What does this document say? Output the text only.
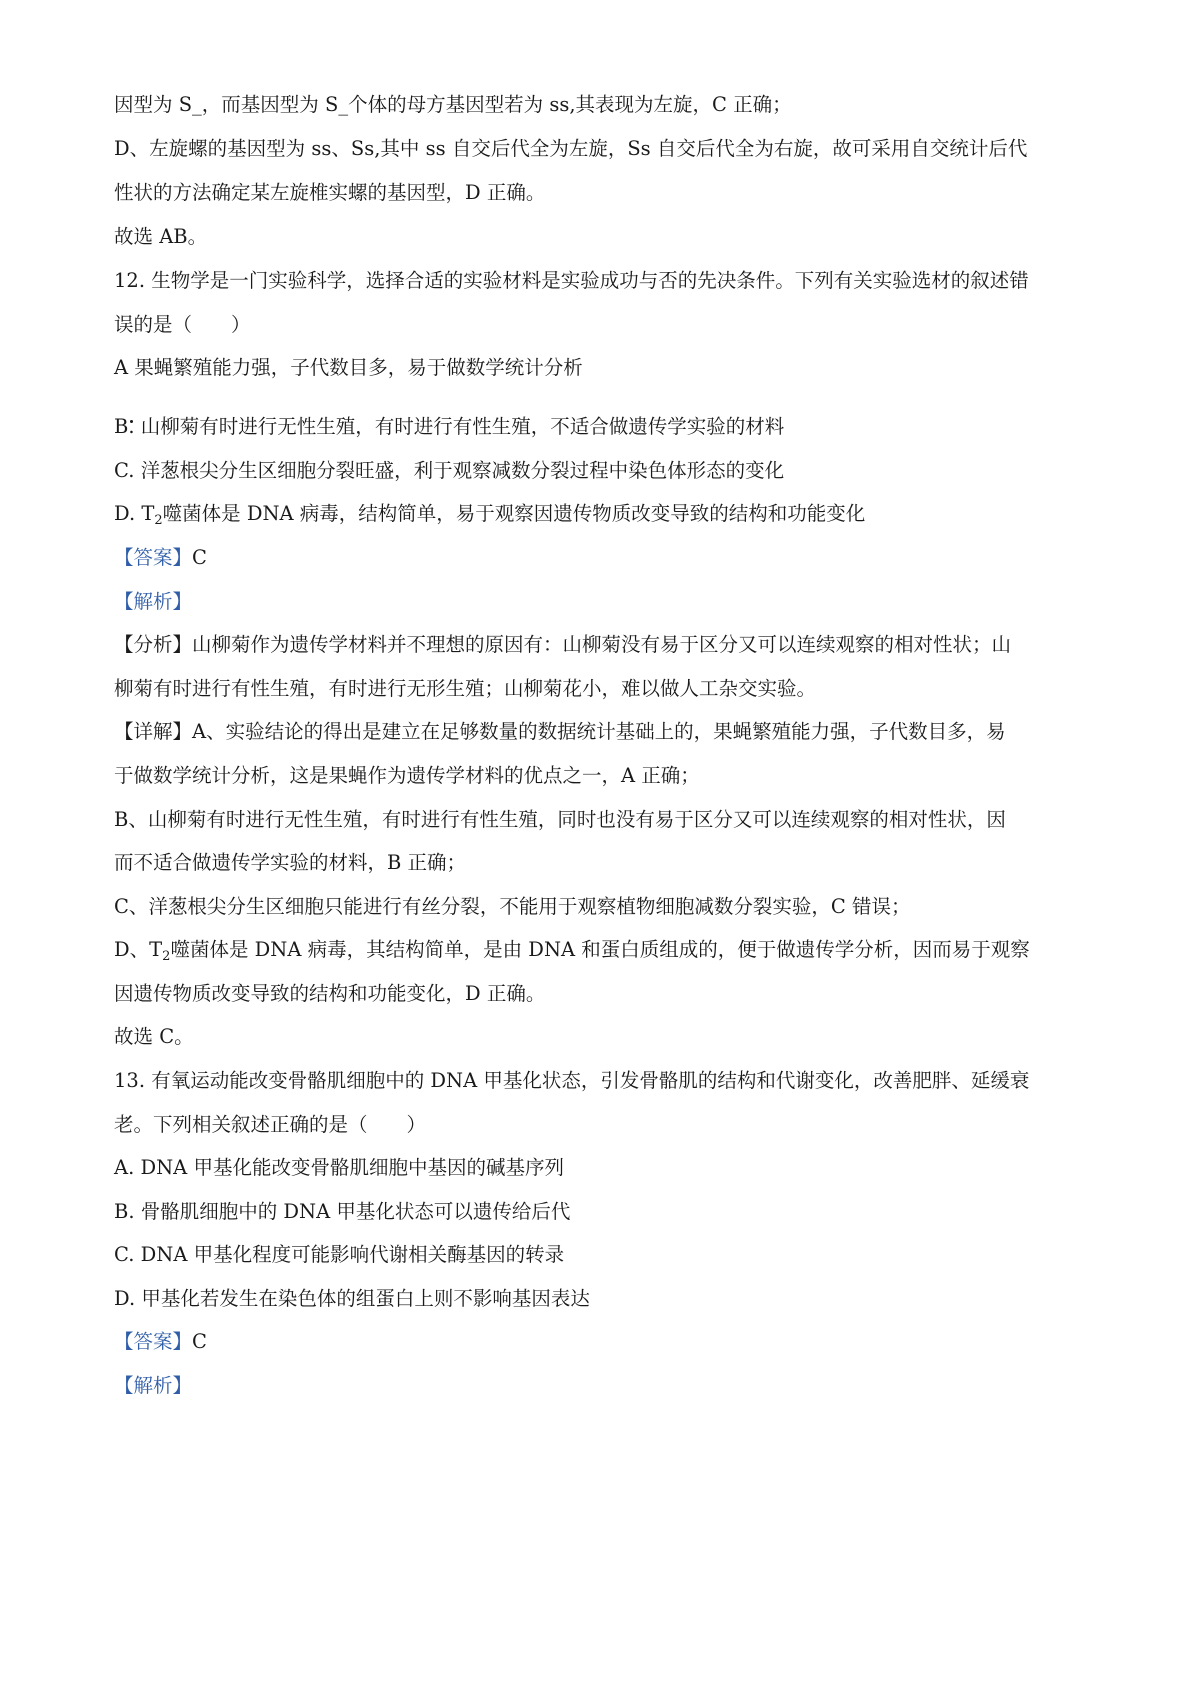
因型为 S_，而基因型为 S_个体的母方基因型若为 ss,其表现为左旋，C 正确；
D、左旋螺的基因型为 ss、Ss,其中 ss 自交后代全为左旋，Ss 自交后代全为右旋，故可采用自交统计后代
性状的方法确定某左旋椎实螺的基因型，D 正确。
故选 AB。
12. 生物学是一门实验科学，选择合适的实验材料是实验成功与否的先决条件。下列有关实验选材的叙述错
误的是（　　）
A 果蝇繁殖能力强，子代数目多，易于做数学统计分析
B. 山柳菊有时进行无性生殖，有时进行有性生殖，不适合做遗传学实验的材料
C. 洋葱根尖分生区细胞分裂旺盛，利于观察减数分裂过程中染色体形态的变化
D. $T_2$噬菌体是 DNA 病毒，结构简单，易于观察因遗传物质改变导致的结构和功能变化
【答案】C
【解析】
【分析】山柳菊作为遗传学材料并不理想的原因有：山柳菊没有易于区分又可以连续观察的相对性状；山
柳菊有时进行有性生殖，有时进行无形生殖；山柳菊花小，难以做人工杂交实验。
【详解】A、实验结论的得出是建立在足够数量的数据统计基础上的，果蝇繁殖能力强，子代数目多，易
于做数学统计分析，这是果蝇作为遗传学材料的优点之一，A 正确；
B、山柳菊有时进行无性生殖，有时进行有性生殖，同时也没有易于区分又可以连续观察的相对性状，因
而不适合做遗传学实验的材料，B 正确；
C、洋葱根尖分生区细胞只能进行有丝分裂，不能用于观察植物细胞减数分裂实验，C 错误；
D、$T_2$噬菌体是 DNA 病毒，其结构简单，是由 DNA 和蛋白质组成的，便于做遗传学分析，因而易于观察
因遗传物质改变导致的结构和功能变化，D 正确。
故选 C。
13. 有氧运动能改变骨骼肌细胞中的 DNA 甲基化状态，引发骨骼肌的结构和代谢变化，改善肥胖、延缓衰
老。下列相关叙述正确的是（　　）
A. DNA 甲基化能改变骨骼肌细胞中基因的碱基序列
B. 骨骼肌细胞中的 DNA 甲基化状态可以遗传给后代
C. DNA 甲基化程度可能影响代谢相关酶基因的转录
D. 甲基化若发生在染色体的组蛋白上则不影响基因表达
【答案】C
【解析】
